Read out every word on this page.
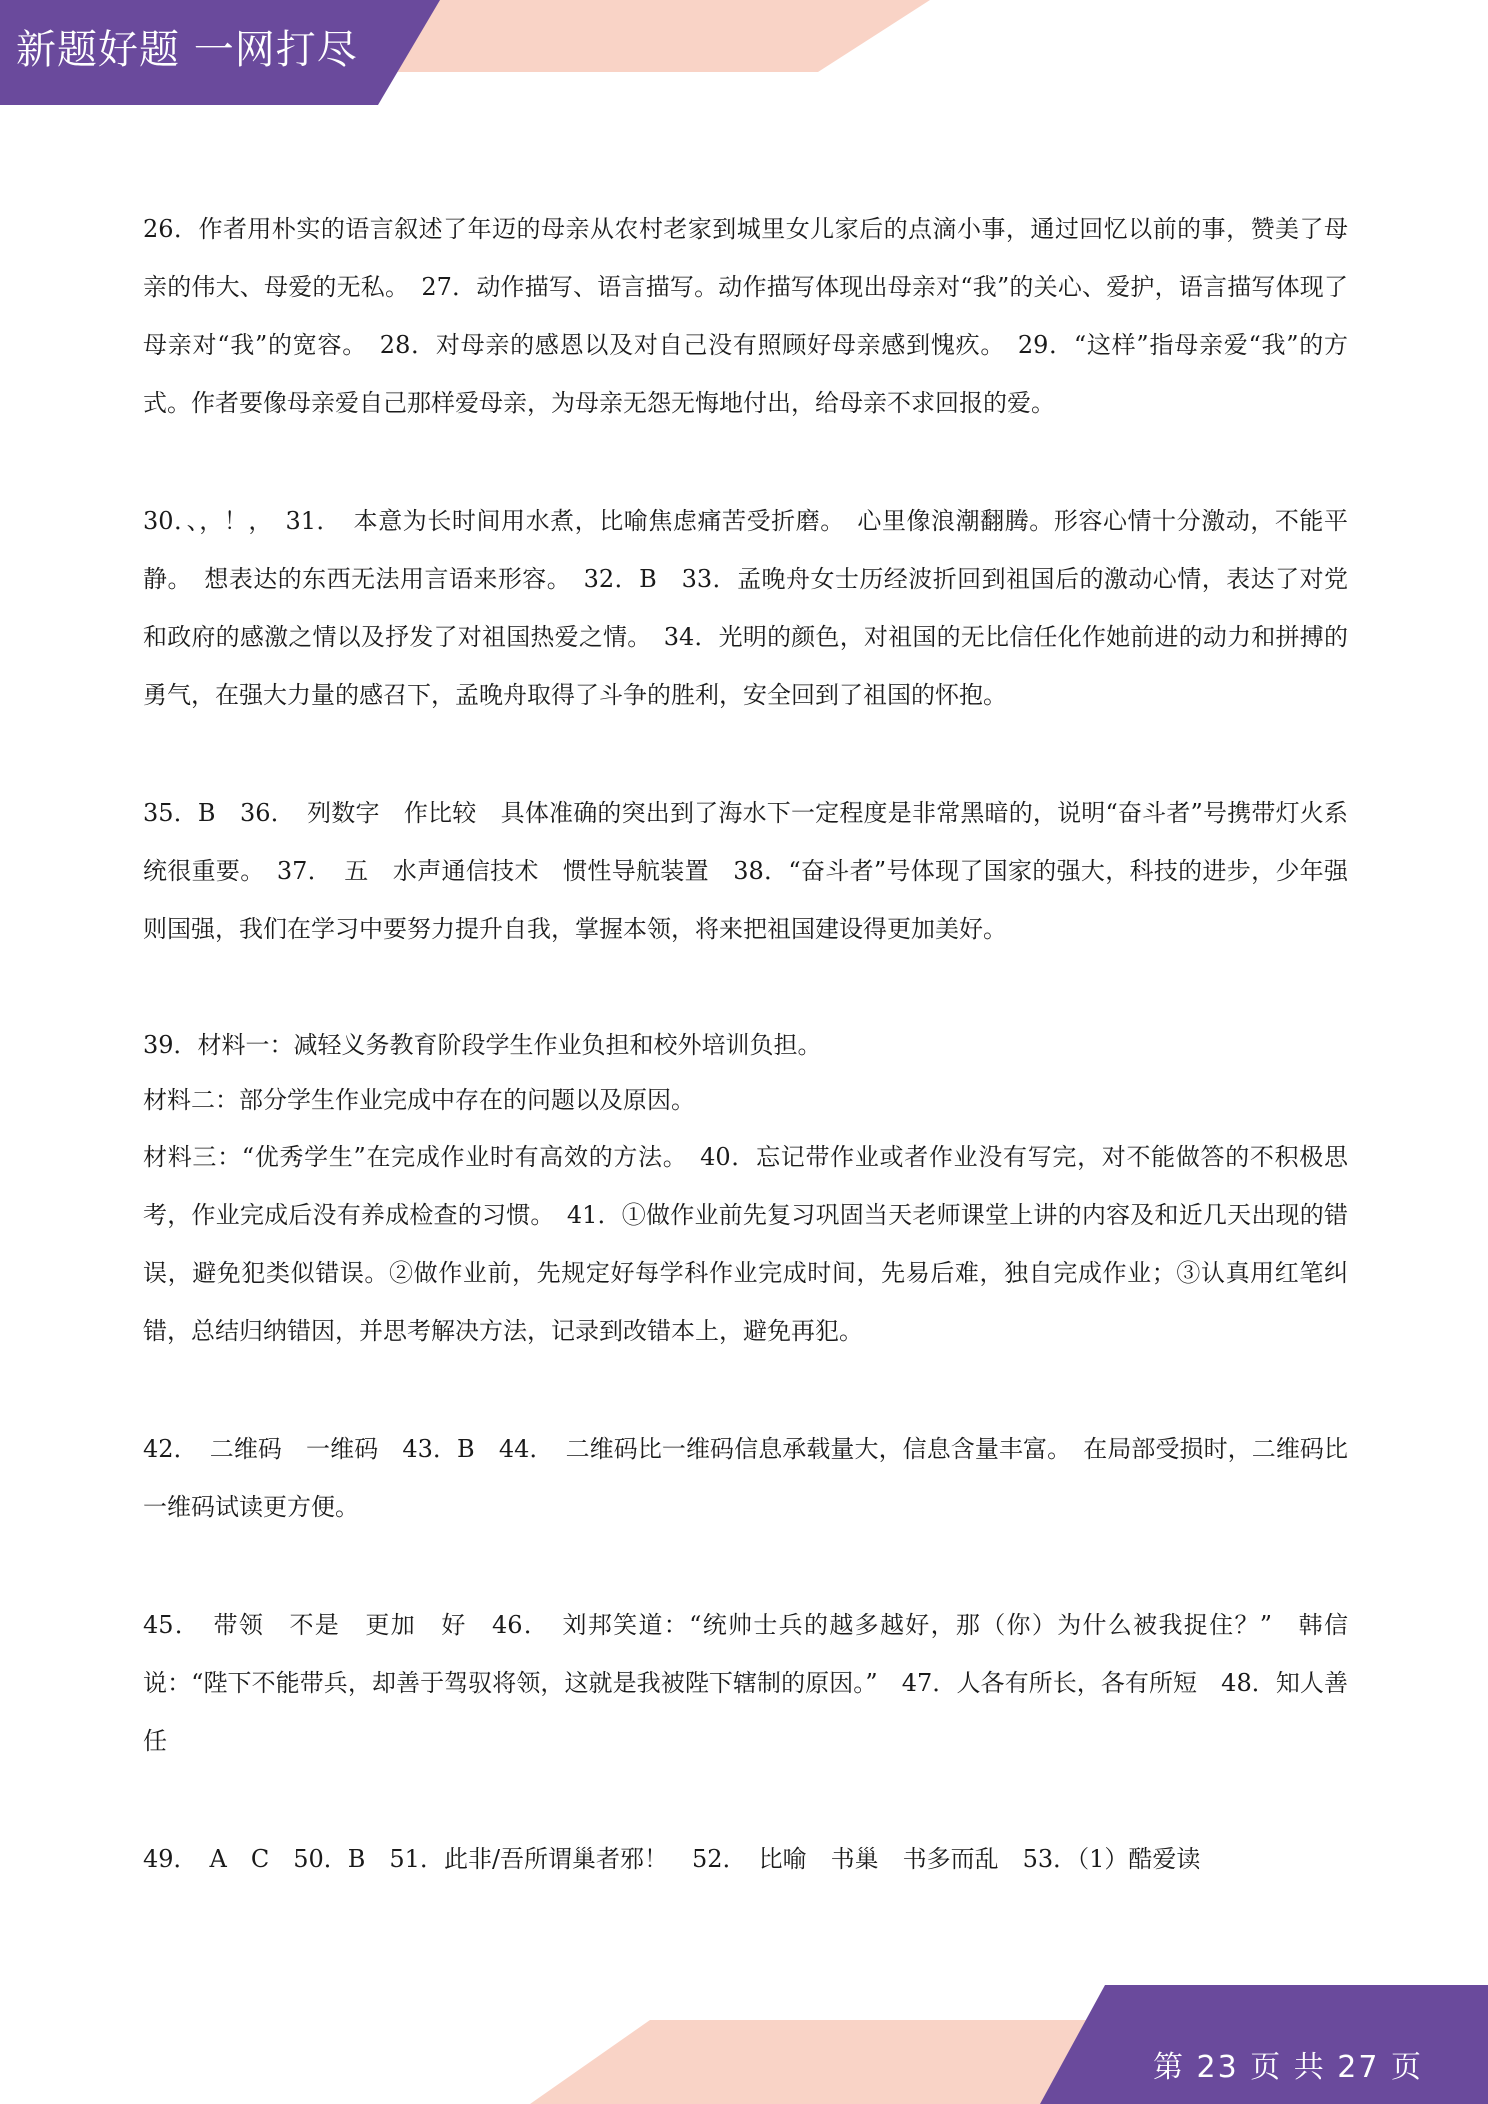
新题好题 一网打尽

26．作者用朴实的语言叙述了年迈的母亲从农村老家到城里女儿家后的点滴小事，通过回忆以前的事，赞美了母亲的伟大、母爱的无私。　27．动作描写、语言描写。动作描写体现出母亲对“我”的关心、爱护，语言描写体现了母亲对“我”的宽容。　28．对母亲的感恩以及对自己没有照顾好母亲感到愧疚。　29．“这样”指母亲爱“我”的方式。作者要像母亲爱自己那样爱母亲，为母亲无怨无悔地付出，给母亲不求回报的爱。

30．、，！，　31．　本意为长时间用水煮，比喻焦虑痛苦受折磨。　心里像浪潮翻腾。形容心情十分激动，不能平静。　想表达的东西无法用言语来形容。　32．B　33．孟晚舟女士历经波折回到祖国后的激动心情，表达了对党和政府的感激之情以及抒发了对祖国热爱之情。　34．光明的颜色，对祖国的无比信任化作她前进的动力和拼搏的勇气，在强大力量的感召下，孟晚舟取得了斗争的胜利，安全回到了祖国的怀抱。

35．B　36．　列数字　作比较　具体准确的突出到了海水下一定程度是非常黑暗的，说明“奋斗者”号携带灯火系统很重要。　37．　五　水声通信技术　惯性导航装置　38．“奋斗者”号体现了国家的强大，科技的进步，少年强则国强，我们在学习中要努力提升自我，掌握本领，将来把祖国建设得更加美好。

39．材料一：减轻义务教育阶段学生作业负担和校外培训负担。

材料二：部分学生作业完成中存在的问题以及原因。

材料三：“优秀学生”在完成作业时有高效的方法。　40．忘记带作业或者作业没有写完，对不能做答的不积极思考，作业完成后没有养成检查的习惯。　41．①做作业前先复习巩固当天老师课堂上讲的内容及和近几天出现的错误，避免犯类似错误。②做作业前，先规定好每学科作业完成时间，先易后难，独自完成作业；③认真用红笔纠错，总结归纳错因，并思考解决方法，记录到改错本上，避免再犯。

42．　二维码　一维码　43．B　44．　二维码比一维码信息承载量大，信息含量丰富。　在局部受损时，二维码比一维码试读更方便。

45．　带领　不是　更加　好　46．　刘邦笑道：“统帅士兵的越多越好，那（你）为什么被我捉住？”　韩信说：“陛下不能带兵，却善于驾驭将领，这就是我被陛下辖制的原因。”　47．人各有所长，各有所短　48．知人善任

49．　A　C　50．B　51．此非/吾所谓巢者邪！　52．　比喻　书巢　书多而乱　53．（1）酷爱读

第 23 页 共 27 页
